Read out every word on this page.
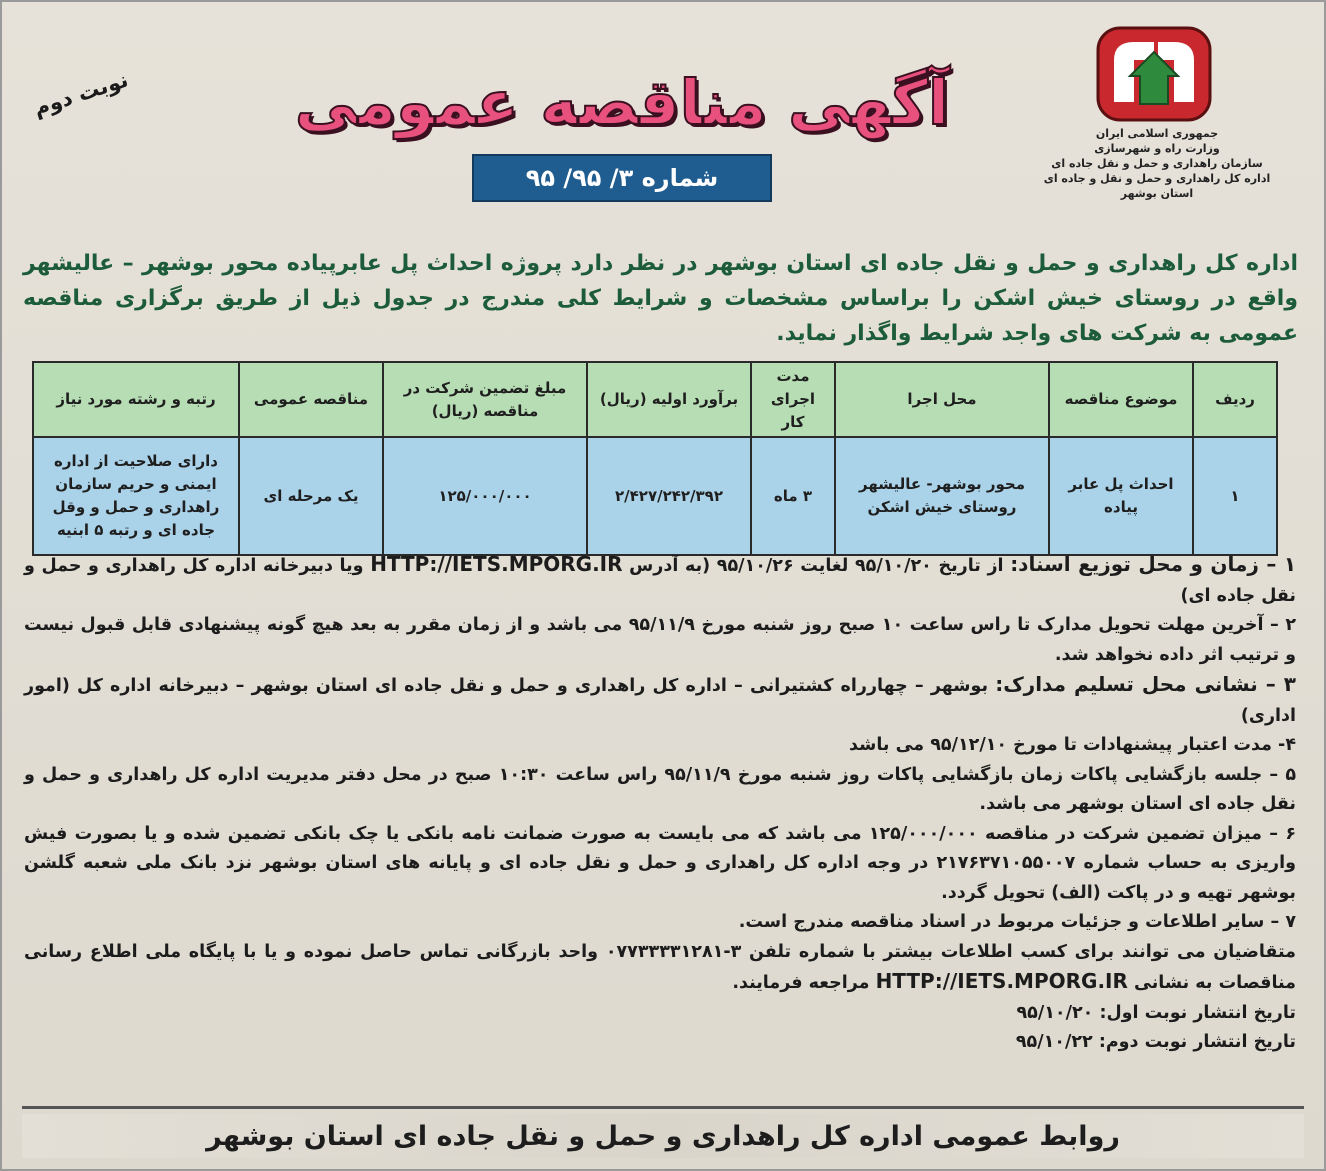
جمهوری اسلامی ایران
وزارت راه و شهرسازی
سازمان راهداری و حمل و نقل جاده ای
اداره کل راهداری و حمل و نقل و جاده ای
استان بوشهر
آگهی مناقصه عمومی
نوبت دوم
شماره ۳/ ۹۵/ ۹۵
اداره کل راهداری و حمل و نقل جاده ای استان بوشهر در نظر دارد پروژه احداث پل عابرپیاده محور بوشهر – عالیشهر واقع در روستای خیش اشکن را براساس مشخصات و شرایط کلی مندرج در جدول ذیل از طریق برگزاری مناقصه عمومی به شرکت های واجد شرایط واگذار نماید.
ردیف	موضوع مناقصه	محل اجرا	مدت اجرای کار	برآورد اولیه (ریال)	مبلغ تضمین شرکت در مناقصه (ریال)	مناقصه عمومی	رتبه و رشته مورد نیاز
۱	احداث پل عابر پیاده	محور بوشهر- عالیشهر روستای خیش اشکن	۳ ماه	۲/۴۲۷/۲۴۲/۳۹۲	۱۲۵/۰۰۰/۰۰۰	یک مرحله ای	دارای صلاحیت از اداره ایمنی و حریم سازمان راهداری و حمل و وقل جاده ای و رتبه ۵ ابنیه

۱ – زمان و محل توزیع اسناد: از تاریخ ۹۵/۱۰/۲۰ لغایت ۹۵/۱۰/۲۶ (به آدرس HTTP://IETS.MPORG.IR ویا دبیرخانه اداره کل راهداری و حمل و نقل جاده ای)

۲ – آخرین مهلت تحویل مدارک تا راس ساعت ۱۰ صبح روز شنبه مورخ ۹۵/۱۱/۹ می باشد و از زمان مقرر به بعد هیچ گونه پیشنهادی قابل قبول نیست و ترتیب اثر داده نخواهد شد.

۳ – نشانی محل تسلیم مدارک: بوشهر – چهارراه کشتیرانی – اداره کل راهداری و حمل و نقل جاده ای استان بوشهر – دبیرخانه اداره کل (امور اداری)

۴- مدت اعتبار پیشنهادات تا مورخ ۹۵/۱۲/۱۰ می باشد

۵ – جلسه بازگشایی پاکات زمان بازگشایی پاکات روز شنبه مورخ ۹۵/۱۱/۹ راس ساعت ۱۰:۳۰ صبح در محل دفتر مدیریت اداره کل راهداری و حمل و نقل جاده ای استان بوشهر می باشد.

۶ – میزان تضمین شرکت در مناقصه ۱۲۵/۰۰۰/۰۰۰ می باشد که می بایست به صورت ضمانت نامه بانکی یا چک بانکی تضمین شده و یا بصورت فیش واریزی به حساب شماره ۲۱۷۶۳۷۱۰۵۵۰۰۷ در وجه اداره کل راهداری و حمل و نقل جاده ای و پایانه های استان بوشهر نزد بانک ملی شعبه گلشن بوشهر تهیه و در پاکت (الف) تحویل گردد.

۷ – سایر اطلاعات و جزئیات مربوط در اسناد مناقصه مندرج است.

متقاضیان می توانند برای کسب اطلاعات بیشتر با شماره تلفن ۳-۰۷۷۳۳۳۳۱۲۸۱ واحد بازرگانی تماس حاصل نموده و یا با پایگاه ملی اطلاع رسانی مناقصات به نشانی HTTP://IETS.MPORG.IR مراجعه فرمایند.

تاریخ انتشار نوبت اول: ۹۵/۱۰/۲۰

تاریخ انتشار نوبت دوم: ۹۵/۱۰/۲۲

روابط عمومی اداره کل راهداری و حمل و نقل جاده ای استان بوشهر
